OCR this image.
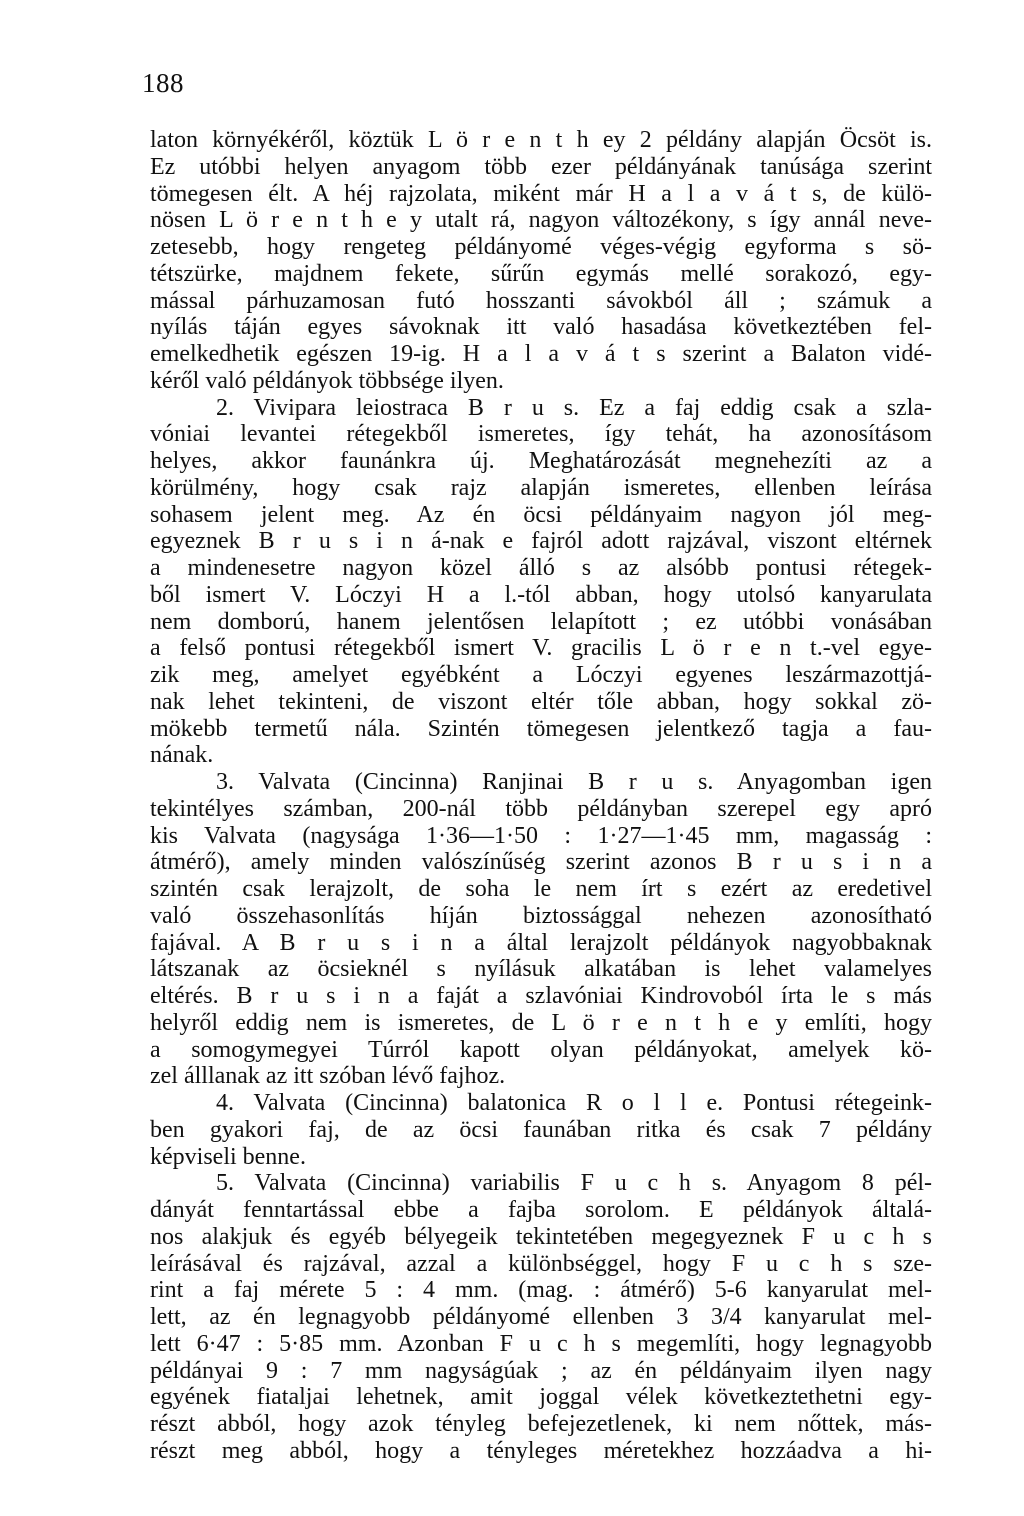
188
laton környékéről, köztük L ö r e n t h ey 2 példány alapján Öcsöt is.
Ez utóbbi helyen anyagom több ezer példányának tanúsága szerint
tömegesen élt. A héj rajzolata, miként már H a l a v á t s, de külö-
nösen L ö r e n t h e y utalt rá, nagyon változékony, s így annál neve-
zetesebb, hogy rengeteg példányomé véges-végig egyforma s sö-
tétszürke, majdnem fekete, sűrűn egymás mellé sorakozó, egy-
mással párhuzamosan futó hosszanti sávokból áll ; számuk a
nyílás táján egyes sávoknak itt való hasadása következtében fel-
emelkedhetik egészen 19-ig. H a l a v á t s szerint a Balaton vidé-
kéről való példányok többsége ilyen.
2. Vivipara leiostraca B r u s. Ez a faj eddig csak a szla-
vóniai levantei rétegekből ismeretes, így tehát, ha azonosításom
helyes, akkor faunánkra új. Meghatározását megnehezíti az a
körülmény, hogy csak rajz alapján ismeretes, ellenben leírása
sohasem jelent meg. Az én öcsi példányaim nagyon jól meg-
egyeznek B r u s i n á-nak e fajról adott rajzával, viszont eltérnek
a mindenesetre nagyon közel álló s az alsóbb pontusi rétegek-
ből ismert V. Lóczyi H a l.-tól abban, hogy utolsó kanyarulata
nem domború, hanem jelentősen lelapított ; ez utóbbi vonásában
a felső pontusi rétegekből ismert V. gracilis L ö r e n t.-vel egye-
zik meg, amelyet egyébként a Lóczyi egyenes leszármazottjá-
nak lehet tekinteni, de viszont eltér tőle abban, hogy sokkal zö-
mökebb termetű nála. Szintén tömegesen jelentkező tagja a fau-
nának.
3. Valvata (Cincinna) Ranjinai B r u s. Anyagomban igen
tekintélyes számban, 200-nál több példányban szerepel egy apró
kis Valvata (nagysága 1·36—1·50 : 1·27—1·45 mm, magasság :
átmérő), amely minden valószínűség szerint azonos B r u s i n a
szintén csak lerajzolt, de soha le nem írt s ezért az eredetivel
való összehasonlítás híján biztossággal nehezen azonosítható
fajával. A B r u s i n a által lerajzolt példányok nagyobbaknak
látszanak az öcsieknél s nyílásuk alkatában is lehet valamelyes
eltérés. B r u s i n a faját a szlavóniai Kindrovoból írta le s más
helyről eddig nem is ismeretes, de L ö r e n t h e y említi, hogy
a somogymegyei Túrról kapott olyan példányokat, amelyek kö-
zel álllanak az itt szóban lévő fajhoz.
4. Valvata (Cincinna) balatonica R o l l e. Pontusi rétegeink-
ben gyakori faj, de az öcsi faunában ritka és csak 7 példány
képviseli benne.
5. Valvata (Cincinna) variabilis F u c h s. Anyagom 8 pél-
dányát fenntartással ebbe a fajba sorolom. E példányok általá-
nos alakjuk és egyéb bélyegeik tekintetében megegyeznek F u c h s
leírásával és rajzával, azzal a különbséggel, hogy F u c h s sze-
rint a faj mérete 5 : 4 mm. (mag. : átmérő) 5-6 kanyarulat mel-
lett, az én legnagyobb példányomé ellenben 3 3/4 kanyarulat mel-
lett 6·47 : 5·85 mm. Azonban F u c h s megemlíti, hogy legnagyobb
példányai 9 : 7 mm nagyságúak ; az én példányaim ilyen nagy
egyének fiataljai lehetnek, amit joggal vélek következtethetni egy-
részt abból, hogy azok tényleg befejezetlenek, ki nem nőttek, más-
részt meg abból, hogy a tényleges méretekhez hozzáadva a hi-
